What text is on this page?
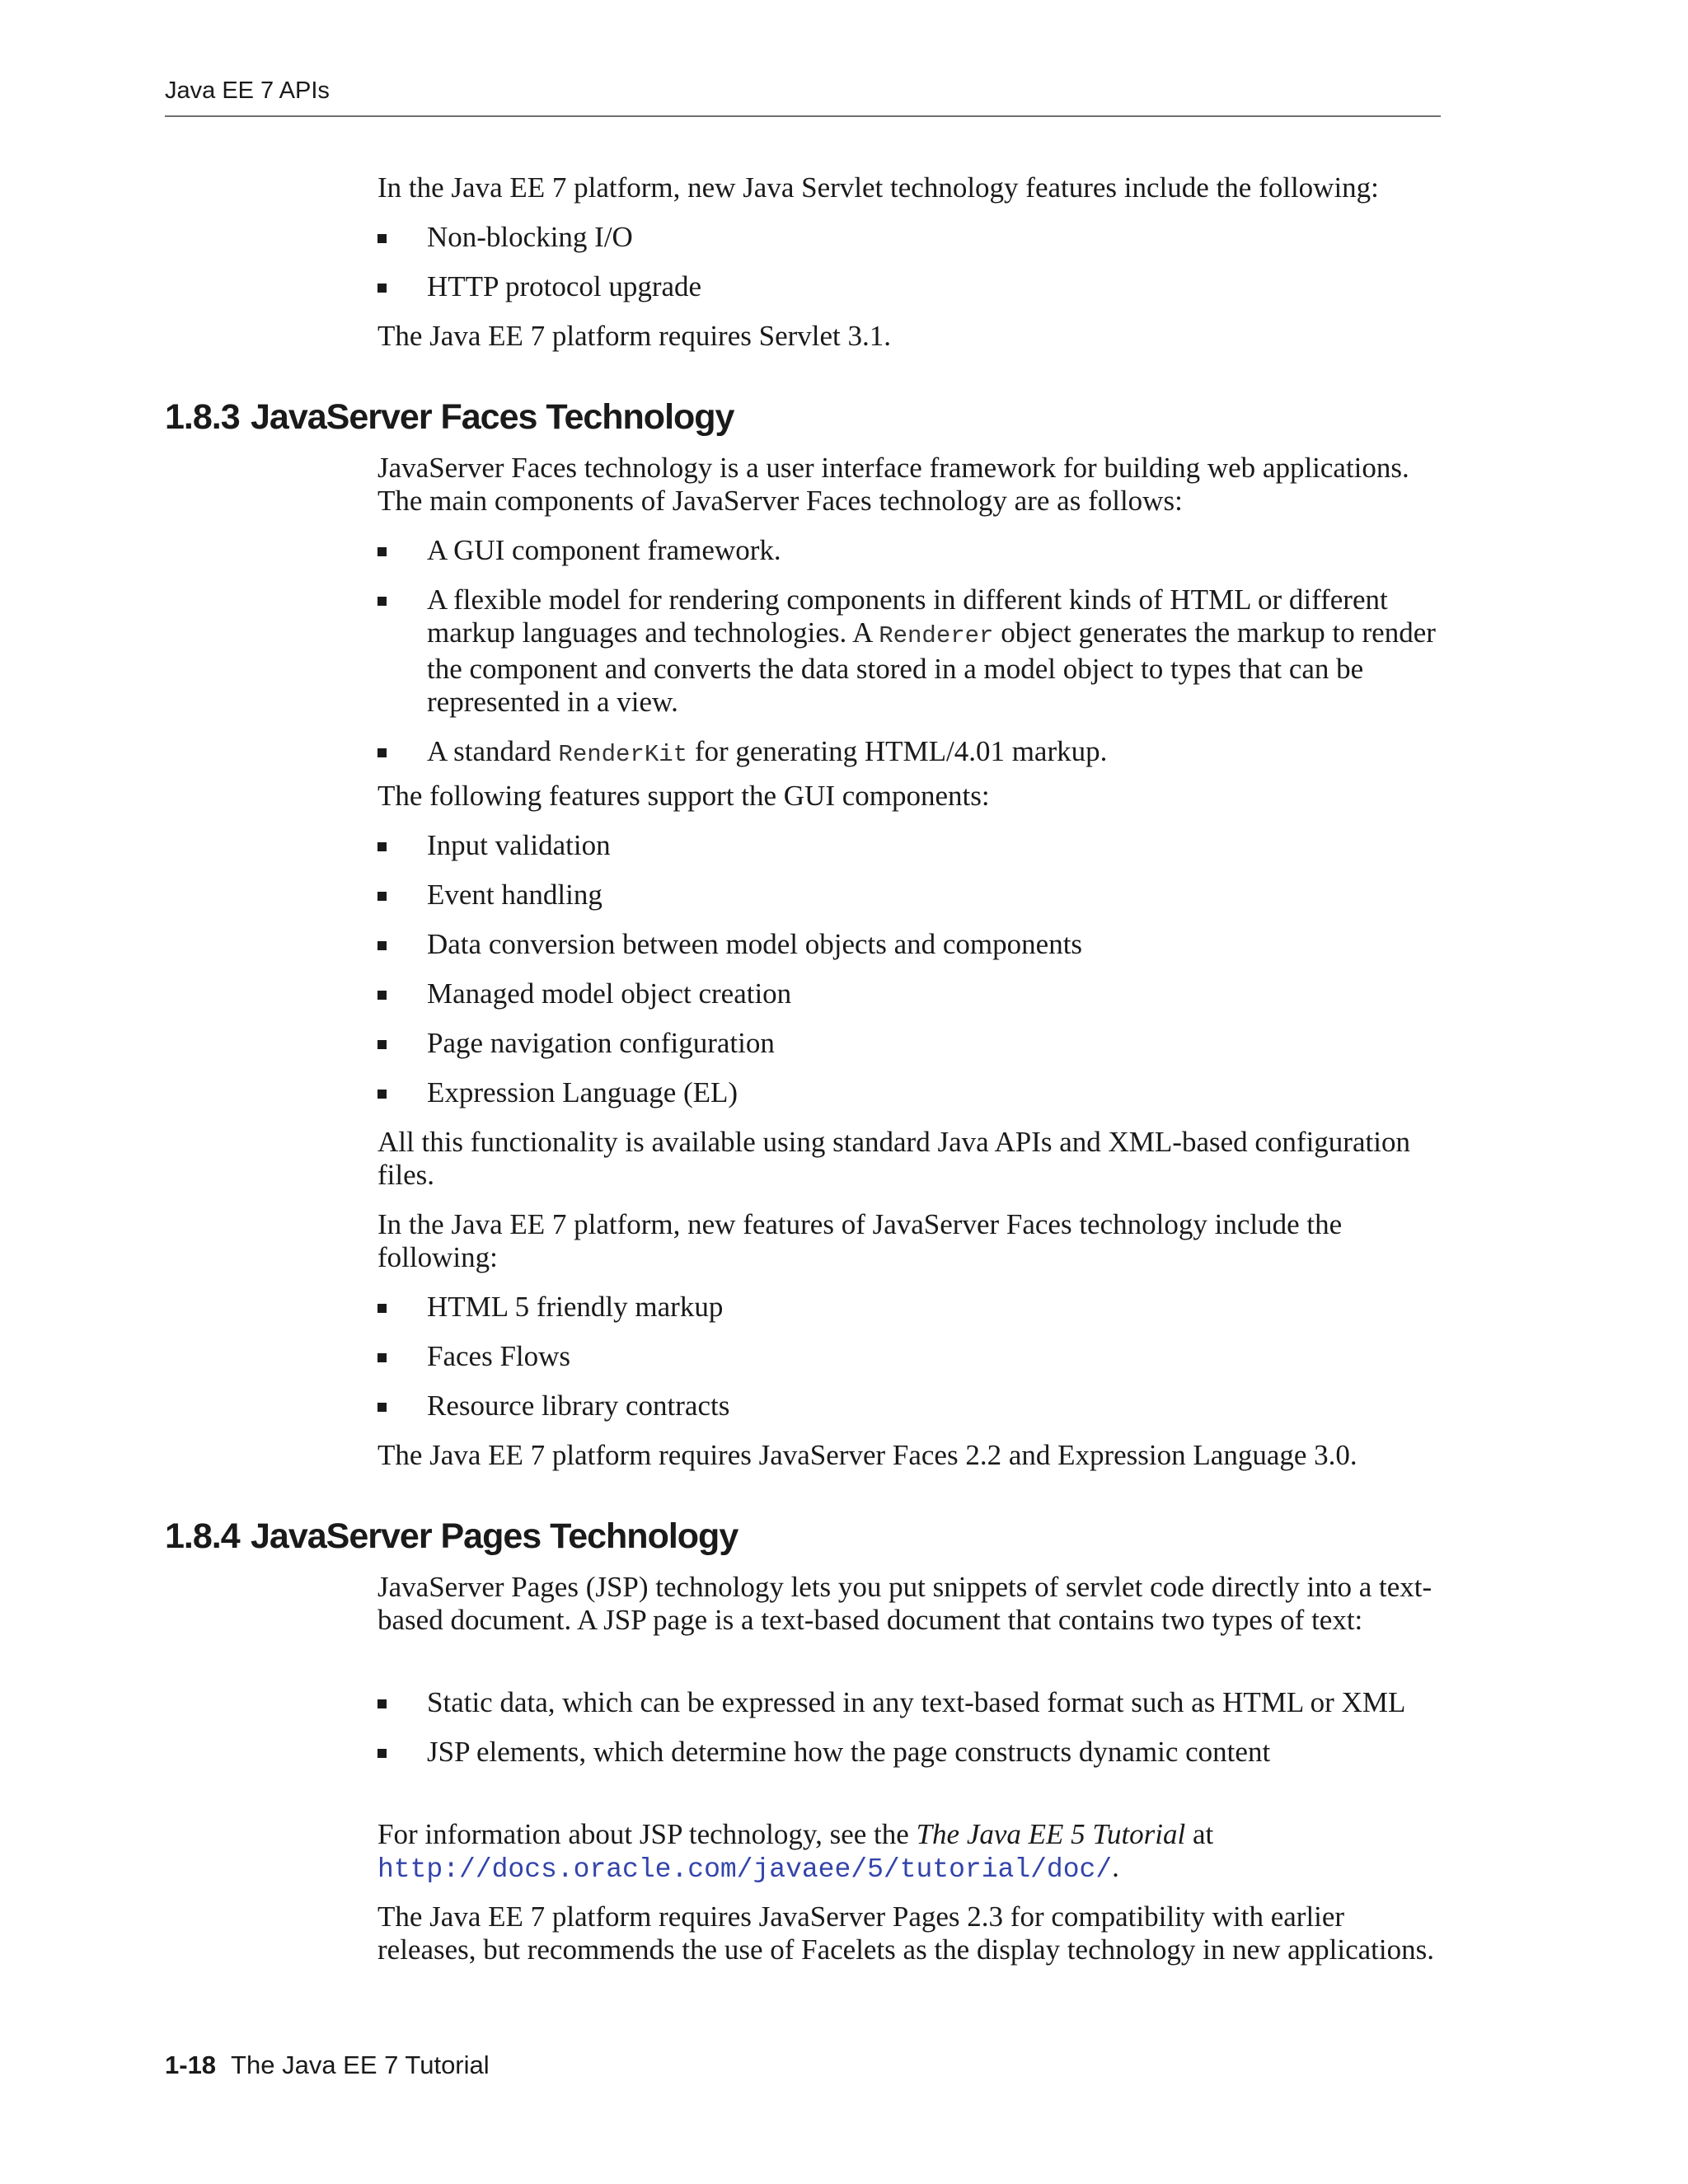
Java EE 7 APIs

In the Java EE 7 platform, new Java Servlet technology features include the following:

Non-blocking I/O
HTTP protocol upgrade

The Java EE 7 platform requires Servlet 3.1.

1.8.3 JavaServer Faces Technology

JavaServer Faces technology is a user interface framework for building web applications. The main components of JavaServer Faces technology are as follows:

A GUI component framework.
A flexible model for rendering components in different kinds of HTML or different markup languages and technologies. A Renderer object generates the markup to render the component and converts the data stored in a model object to types that can be represented in a view.
A standard RenderKit for generating HTML/4.01 markup.

The following features support the GUI components:

Input validation
Event handling
Data conversion between model objects and components
Managed model object creation
Page navigation configuration
Expression Language (EL)

All this functionality is available using standard Java APIs and XML-based configuration files.

In the Java EE 7 platform, new features of JavaServer Faces technology include the following:

HTML 5 friendly markup
Faces Flows
Resource library contracts

The Java EE 7 platform requires JavaServer Faces 2.2 and Expression Language 3.0.

1.8.4 JavaServer Pages Technology

JavaServer Pages (JSP) technology lets you put snippets of servlet code directly into a text-based document. A JSP page is a text-based document that contains two types of text:

Static data, which can be expressed in any text-based format such as HTML or XML
JSP elements, which determine how the page constructs dynamic content

For information about JSP technology, see the The Java EE 5 Tutorial at
http://docs.oracle.com/javaee/5/tutorial/doc/.

The Java EE 7 platform requires JavaServer Pages 2.3 for compatibility with earlier releases, but recommends the use of Facelets as the display technology in new applications.

1-18 The Java EE 7 Tutorial
